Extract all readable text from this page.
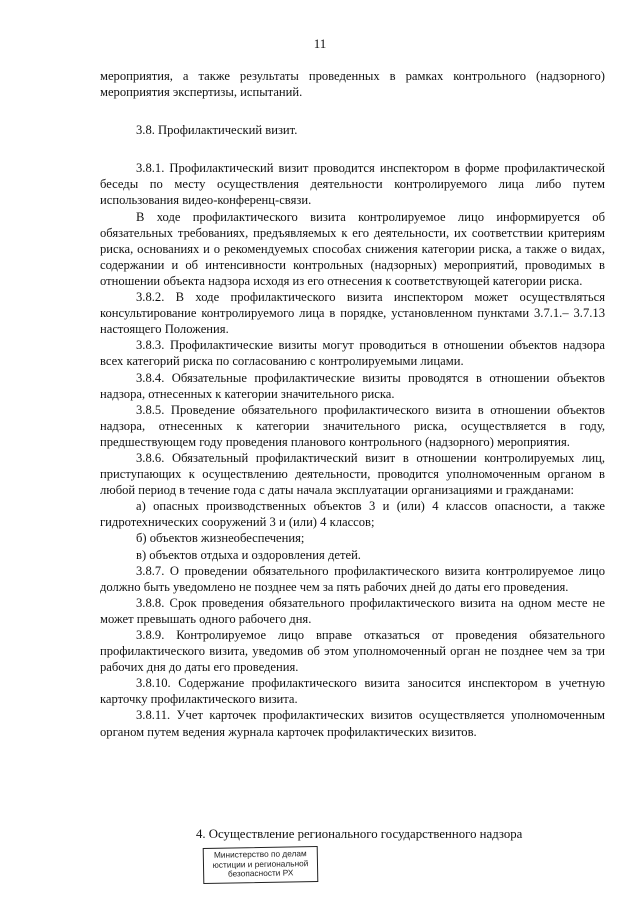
11

мероприятия, а также результаты проведенных в рамках контрольного (надзорного) мероприятия экспертизы, испытаний.

3.8. Профилактический визит.

3.8.1. Профилактический визит проводится инспектором в форме профилактической беседы по месту осуществления деятельности контролируемого лица либо путем использования видео-конференц-связи.

В ходе профилактического визита контролируемое лицо информируется об обязательных требованиях, предъявляемых к его деятельности, их соответствии критериям риска, основаниях и о рекомендуемых способах снижения категории риска, а также о видах, содержании и об интенсивности контрольных (надзорных) мероприятий, проводимых в отношении объекта надзора исходя из его отнесения к соответствующей категории риска.

3.8.2. В ходе профилактического визита инспектором может осуществляться консультирование контролируемого лица в порядке, установленном пунктами 3.7.1.– 3.7.13 настоящего Положения.

3.8.3. Профилактические визиты могут проводиться в отношении объектов надзора всех категорий риска по согласованию с контролируемыми лицами.

3.8.4. Обязательные профилактические визиты проводятся в отношении объектов надзора, отнесенных к категории значительного риска.

3.8.5. Проведение обязательного профилактического визита в отношении объектов надзора, отнесенных к категории значительного риска, осуществляется в году, предшествующем году проведения планового контрольного (надзорного) мероприятия.

3.8.6. Обязательный профилактический визит в отношении контролируемых лиц, приступающих к осуществлению деятельности, проводится уполномоченным органом в любой период в течение года с даты начала эксплуатации организациями и гражданами:

а) опасных производственных объектов 3 и (или) 4 классов опасности, а также гидротехнических сооружений 3 и (или) 4 классов;

б) объектов жизнеобеспечения;

в) объектов отдыха и оздоровления детей.

3.8.7. О проведении обязательного профилактического визита контролируемое лицо должно быть уведомлено не позднее чем за пять рабочих дней до даты его проведения.

3.8.8. Срок проведения обязательного профилактического визита на одном месте не может превышать одного рабочего дня.

3.8.9. Контролируемое лицо вправе отказаться от проведения обязательного профилактического визита, уведомив об этом уполномоченный орган не позднее чем за три рабочих дня до даты его проведения.

3.8.10. Содержание профилактического визита заносится инспектором в учетную карточку профилактического визита.

3.8.11. Учет карточек профилактических визитов осуществляется уполномоченным органом путем ведения журнала карточек профилактических визитов.

4. Осуществление регионального государственного надзора
Министерство по делам
юстиции и региональной
безопасности РХ
